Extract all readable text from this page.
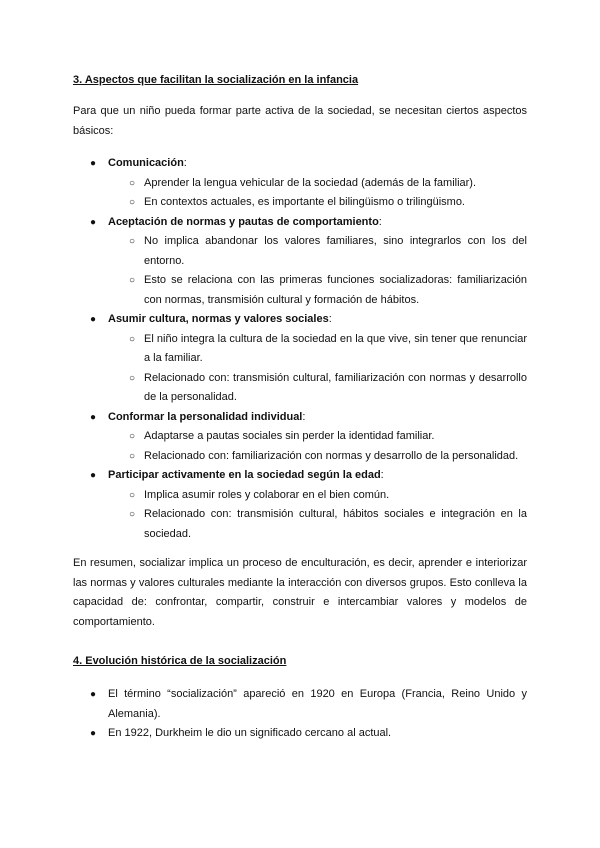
3. Aspectos que facilitan la socialización en la infancia

Para que un niño pueda formar parte activa de la sociedad, se necesitan ciertos aspectos básicos:

● Comunicación:
○ Aprender la lengua vehicular de la sociedad (además de la familiar).
○ En contextos actuales, es importante el bilingüismo o trilingüismo.
● Aceptación de normas y pautas de comportamiento:
○ No implica abandonar los valores familiares, sino integrarlos con los del entorno.
○ Esto se relaciona con las primeras funciones socializadoras: familiarización con normas, transmisión cultural y formación de hábitos.
● Asumir cultura, normas y valores sociales:
○ El niño integra la cultura de la sociedad en la que vive, sin tener que renunciar a la familiar.
○ Relacionado con: transmisión cultural, familiarización con normas y desarrollo de la personalidad.
● Conformar la personalidad individual:
○ Adaptarse a pautas sociales sin perder la identidad familiar.
○ Relacionado con: familiarización con normas y desarrollo de la personalidad.
● Participar activamente en la sociedad según la edad:
○ Implica asumir roles y colaborar en el bien común.
○ Relacionado con: transmisión cultural, hábitos sociales e integración en la sociedad.

En resumen, socializar implica un proceso de enculturación, es decir, aprender e interiorizar las normas y valores culturales mediante la interacción con diversos grupos. Esto conlleva la capacidad de: confrontar, compartir, construir e intercambiar valores y modelos de comportamiento.

4. Evolución histórica de la socialización
● El término “socialización” apareció en 1920 en Europa (Francia, Reino Unido y Alemania).
● En 1922, Durkheim le dio un significado cercano al actual.
